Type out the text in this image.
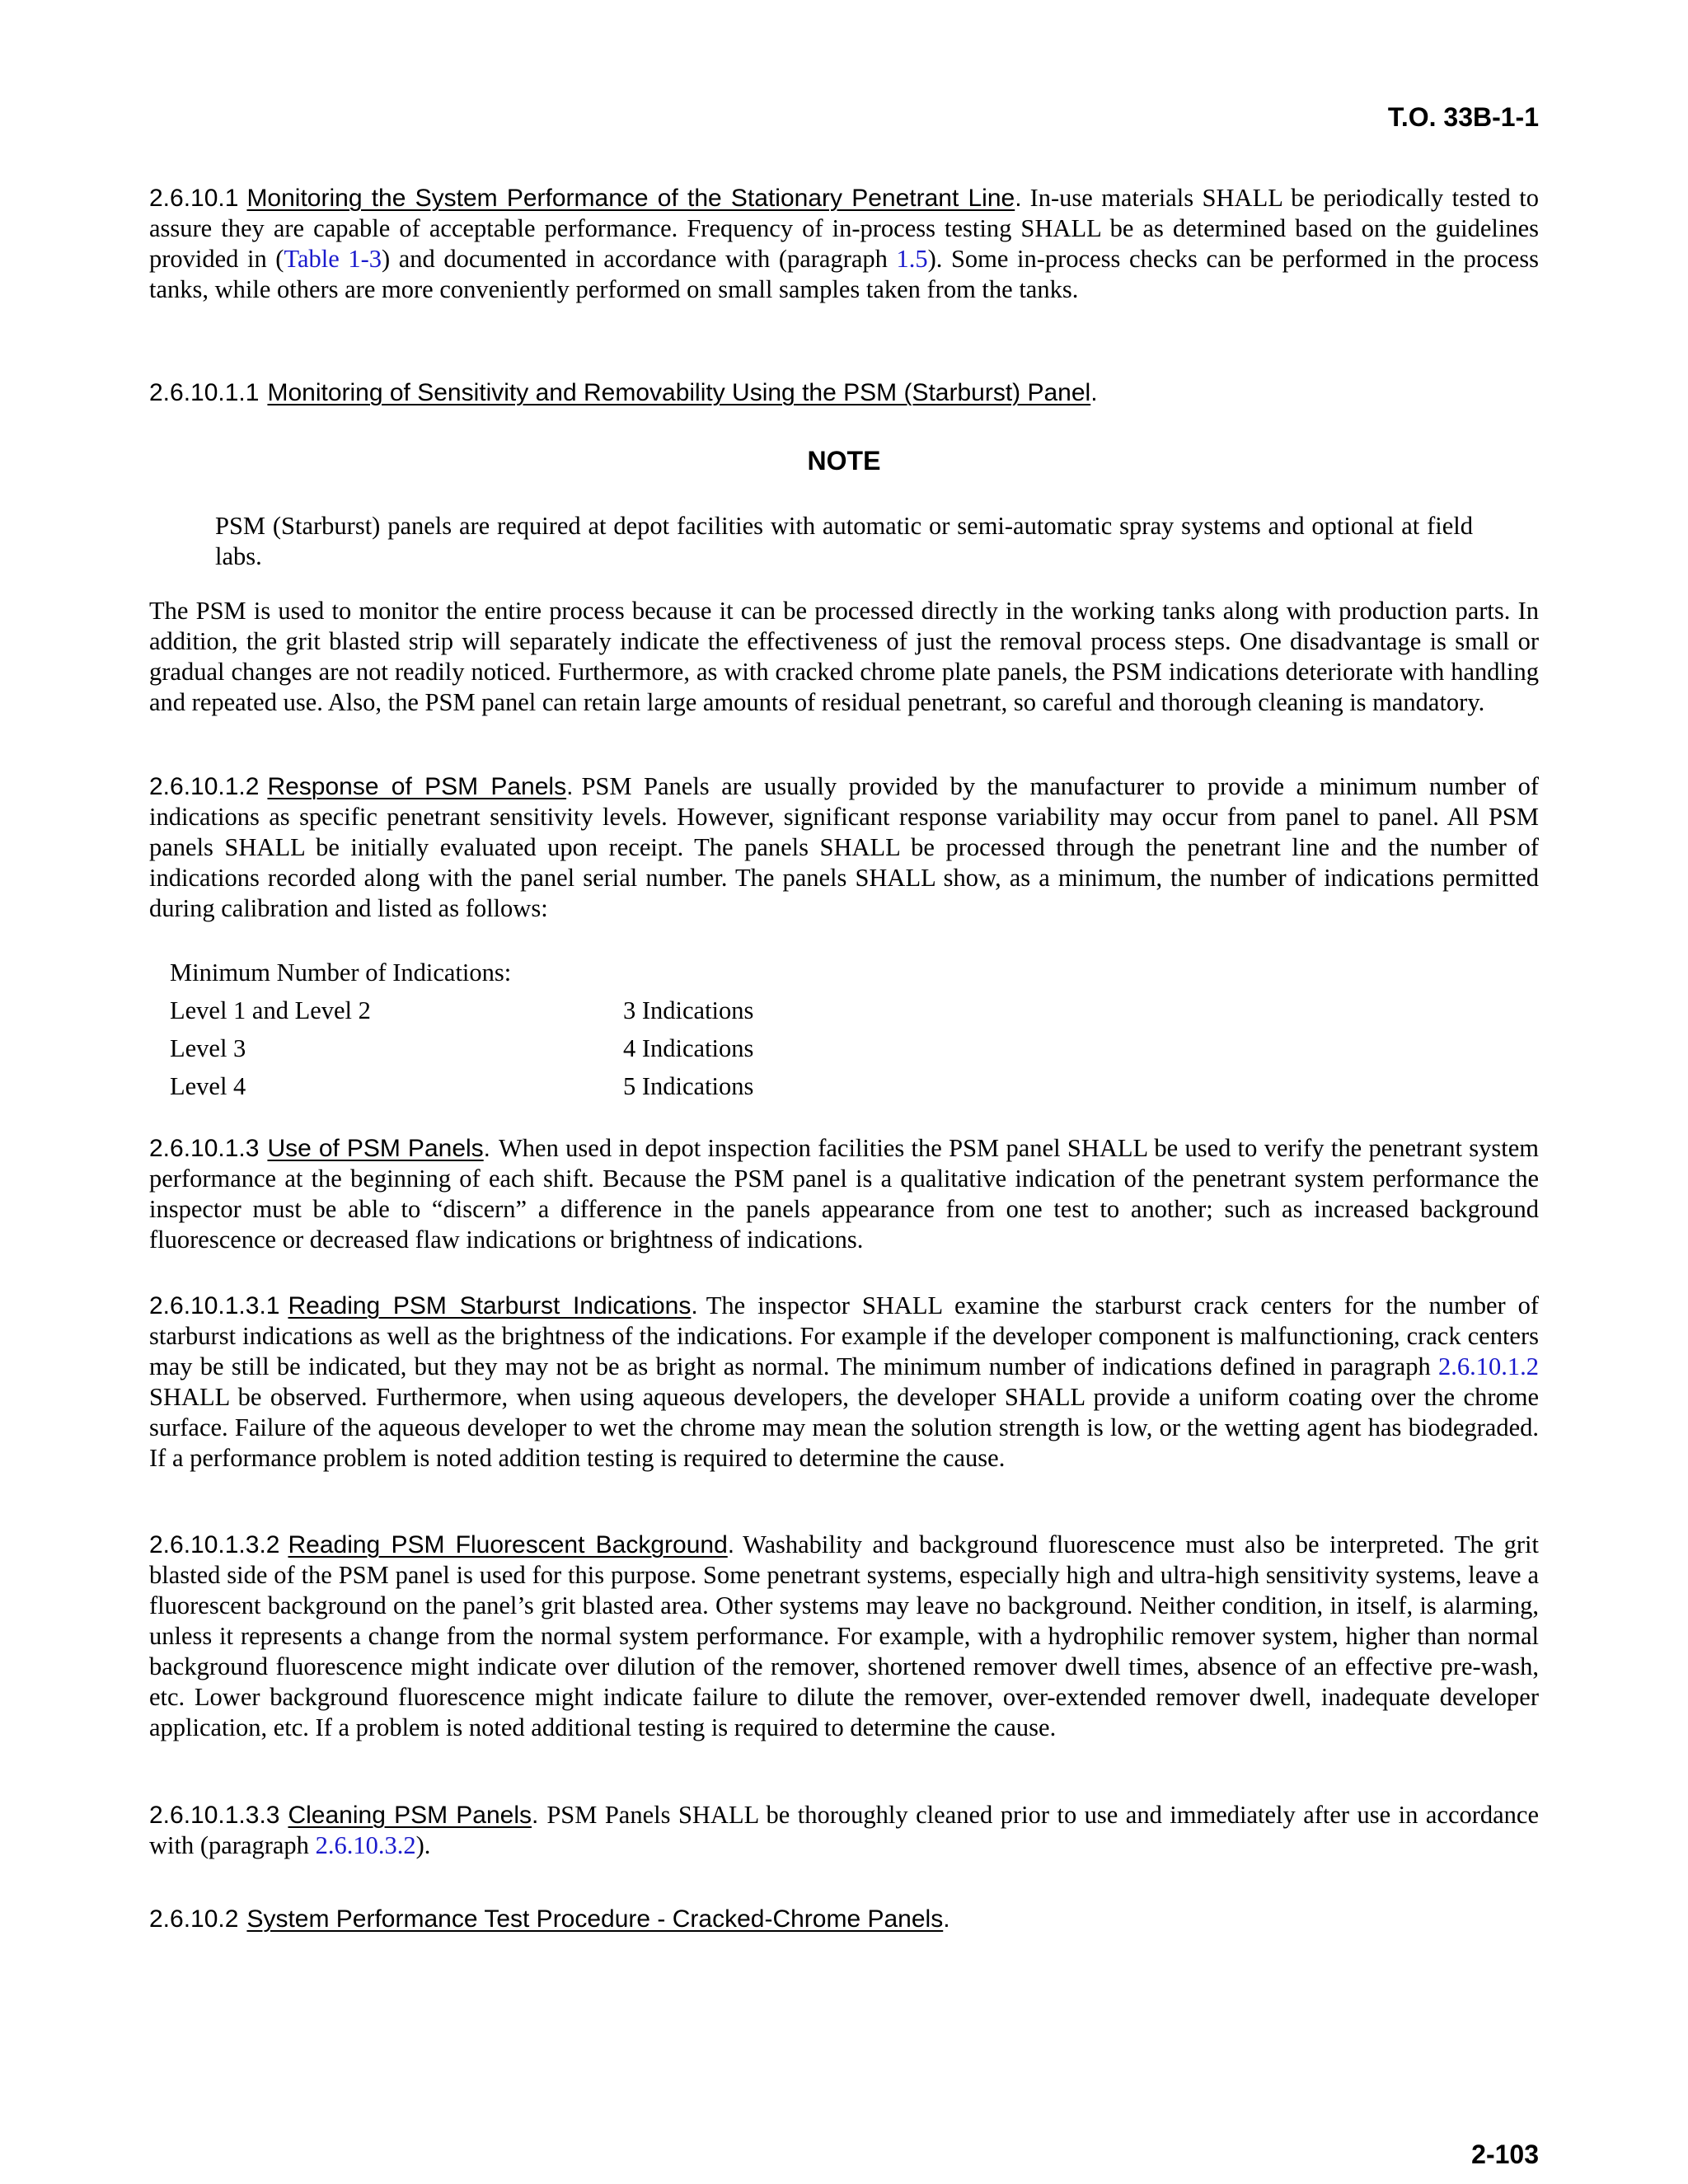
T.O. 33B-1-1

2.6.10.1 Monitoring the System Performance of the Stationary Penetrant Line. In-use materials SHALL be periodically tested to assure they are capable of acceptable performance. Frequency of in-process testing SHALL be as determined based on the guidelines provided in (Table 1-3) and documented in accordance with (paragraph 1.5). Some in-process checks can be performed in the process tanks, while others are more conveniently performed on small samples taken from the tanks.

2.6.10.1.1 Monitoring of Sensitivity and Removability Using the PSM (Starburst) Panel.

NOTE

PSM (Starburst) panels are required at depot facilities with automatic or semi-automatic spray systems and optional at field labs.

The PSM is used to monitor the entire process because it can be processed directly in the working tanks along with production parts. In addition, the grit blasted strip will separately indicate the effectiveness of just the removal process steps. One disadvantage is small or gradual changes are not readily noticed. Furthermore, as with cracked chrome plate panels, the PSM indications deteriorate with handling and repeated use. Also, the PSM panel can retain large amounts of residual penetrant, so careful and thorough cleaning is mandatory.

2.6.10.1.2 Response of PSM Panels. PSM Panels are usually provided by the manufacturer to provide a minimum number of indications as specific penetrant sensitivity levels. However, significant response variability may occur from panel to panel. All PSM panels SHALL be initially evaluated upon receipt. The panels SHALL be processed through the penetrant line and the number of indications recorded along with the panel serial number. The panels SHALL show, as a minimum, the number of indications permitted during calibration and listed as follows:

Minimum Number of Indications:
Level 1 and Level 2	3 Indications
Level 3	4 Indications
Level 4	5 Indications

2.6.10.1.3 Use of PSM Panels. When used in depot inspection facilities the PSM panel SHALL be used to verify the penetrant system performance at the beginning of each shift. Because the PSM panel is a qualitative indication of the penetrant system performance the inspector must be able to “discern” a difference in the panels appearance from one test to another; such as increased background fluorescence or decreased flaw indications or brightness of indications.

2.6.10.1.3.1 Reading PSM Starburst Indications. The inspector SHALL examine the starburst crack centers for the number of starburst indications as well as the brightness of the indications. For example if the developer component is malfunctioning, crack centers may be still be indicated, but they may not be as bright as normal. The minimum number of indications defined in paragraph 2.6.10.1.2 SHALL be observed. Furthermore, when using aqueous developers, the developer SHALL provide a uniform coating over the chrome surface. Failure of the aqueous developer to wet the chrome may mean the solution strength is low, or the wetting agent has biodegraded. If a performance problem is noted addition testing is required to determine the cause.

2.6.10.1.3.2 Reading PSM Fluorescent Background. Washability and background fluorescence must also be interpreted. The grit blasted side of the PSM panel is used for this purpose. Some penetrant systems, especially high and ultra-high sensitivity systems, leave a fluorescent background on the panel’s grit blasted area. Other systems may leave no background. Neither condition, in itself, is alarming, unless it represents a change from the normal system performance. For example, with a hydrophilic remover system, higher than normal background fluorescence might indicate over dilution of the remover, shortened remover dwell times, absence of an effective pre-wash, etc. Lower background fluorescence might indicate failure to dilute the remover, over-extended remover dwell, inadequate developer application, etc. If a problem is noted additional testing is required to determine the cause.

2.6.10.1.3.3 Cleaning PSM Panels. PSM Panels SHALL be thoroughly cleaned prior to use and immediately after use in accordance with (paragraph 2.6.10.3.2).

2.6.10.2 System Performance Test Procedure - Cracked-Chrome Panels.

2-103
